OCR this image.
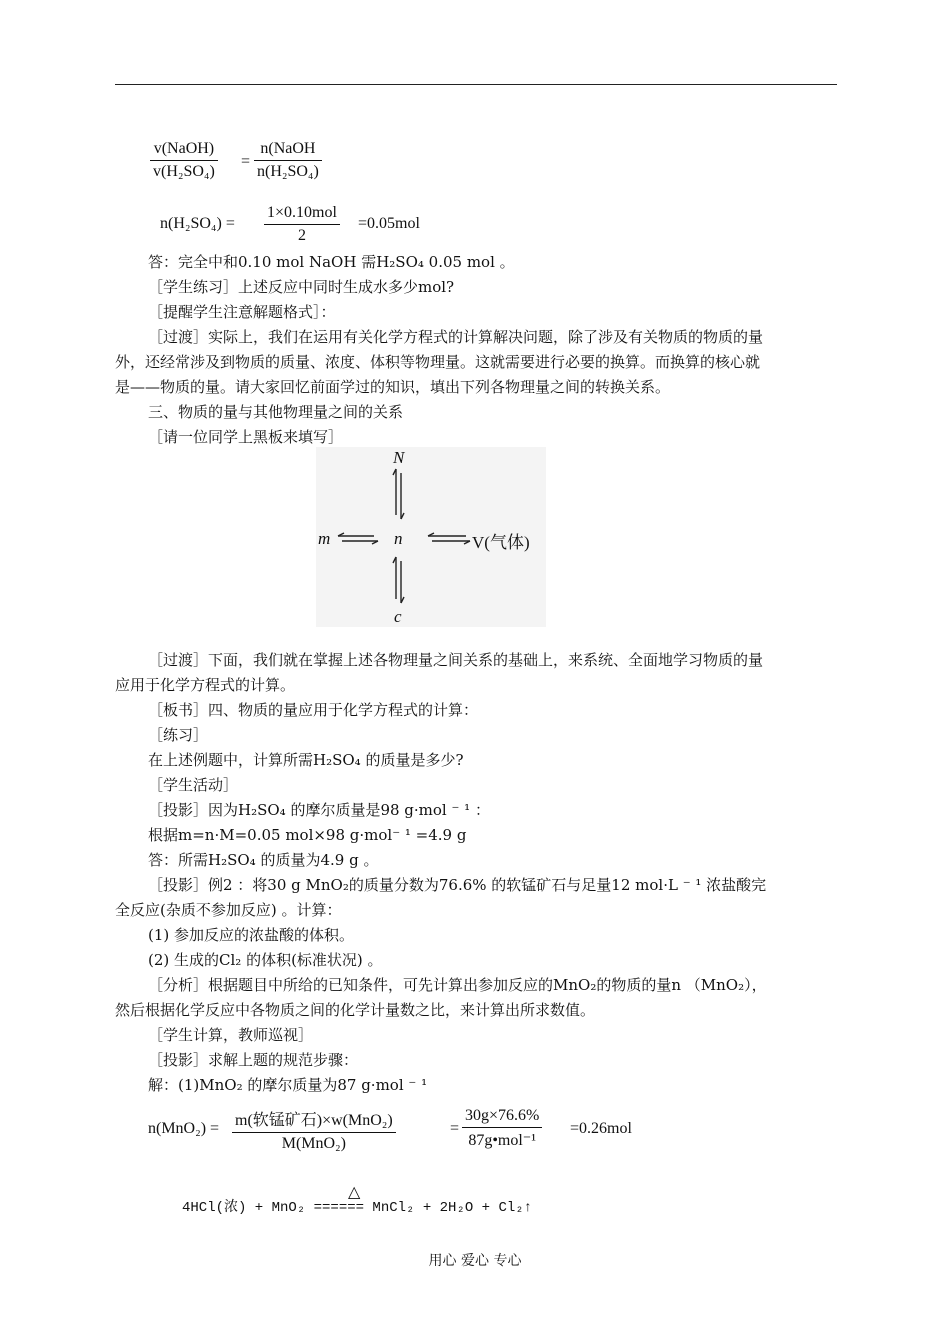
v(NaOH)
v(H₂SO₄)
=
n(NaOH
n(H₂SO₄)
n(H₂SO₄) =
1×0.10mol
2
=0.05mol
答：完全中和0.10 mol NaOH 需H₂SO₄ 0.05 mol 。
［学生练习］上述反应中同时生成水多少mol?
［提醒学生注意解题格式］：
［过渡］实际上，我们在运用有关化学方程式的计算解决问题，除了涉及有关物质的物质的量
外，还经常涉及到物质的质量、浓度、体积等物理量。这就需要进行必要的换算。而换算的核心就
是——物质的量。请大家回忆前面学过的知识，填出下列各物理量之间的转换关系。
三、物质的量与其他物理量之间的关系
［请一位同学上黑板来填写］
N
m	n	V(气体)
c
［过渡］下面，我们就在掌握上述各物理量之间关系的基础上，来系统、全面地学习物质的量
应用于化学方程式的计算。
［板书］四、物质的量应用于化学方程式的计算：
［练习］
在上述例题中，计算所需H₂SO₄ 的质量是多少?
［学生活动］
［投影］因为H₂SO₄ 的摩尔质量是98 g·mol ⁻ ¹ ：
根据m=n·M=0.05 mol×98 g·mol⁻ ¹ =4.9 g
答：所需H₂SO₄ 的质量为4.9 g 。
［投影］例2 ：将30 g MnO₂的质量分数为76.6% 的软锰矿石与足量12 mol·L ⁻ ¹ 浓盐酸完
全反应(杂质不参加反应) 。计算：
(1) 参加反应的浓盐酸的体积。
(2) 生成的Cl₂ 的体积(标准状况) 。
［分析］根据题目中所给的已知条件，可先计算出参加反应的MnO₂的物质的量n （MnO₂），
然后根据化学反应中各物质之间的化学计量数之比，来计算出所求数值。
［学生计算，教师巡视］
［投影］求解上题的规范步骤：
解：(1)MnO₂ 的摩尔质量为87 g·mol ⁻ ¹
n(MnO₂) = m(软锰矿石)×w(MnO₂)
M(MnO₂)
=
30g×76.6%
87g•mol⁻¹
=0.26mol
△
4HCl(浓) + MnO₂ ====== MnCl₂ + 2H₂O + Cl₂↑
用心 爱心 专心
